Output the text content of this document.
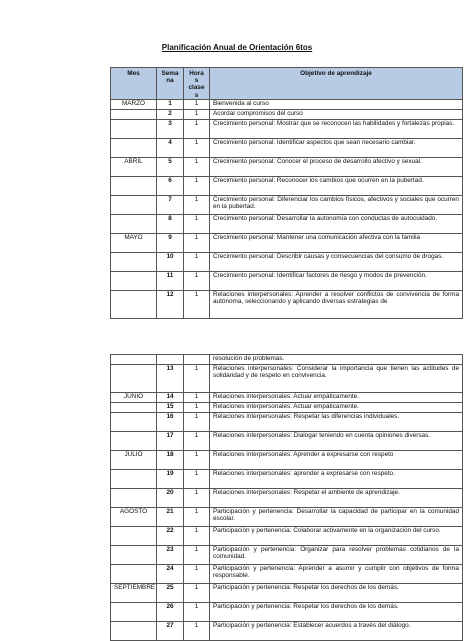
Planificación Anual de Orientación 6tos
Mes	Sema na	Hora s clase s	Objetivo de aprendizaje
MARZO	1	1	Bienvenida al curso
	2	1	Acordar compromisos del curso
	3	1	Crecimiento personal: Mostrar que se reconocen las habilidades y fortalezas propias.
	4	1	Crecimiento personal: Identificar aspectos que sean necesario cambiar.
ABRIL	5	1	Crecimiento personal: Conocer el proceso de desarrollo afectivo y sexual.
	6	1	Crecimiento personal: Reconocer los cambios que ocurren en la pubertad.
	7	1	Crecimiento personal: Diferenciar los cambios físicos, afectivos y sociales que ocurren en la pubertad.
	8	1	Crecimiento personal: Desarrollar la autonomía con conductas de autocuidado.
MAYO	9	1	Crecimiento personal: Mantener una comunicación afectiva con la familia
	10	1	Crecimiento personal: Describir causas y consecuencias del consumo de drogas.
	11	1	Crecimiento personal: Identificar factores de riesgo y modos de prevención.
	12	1	Relaciones interpersonales: Aprender a resolver conflictos de convivencia de forma autónoma, seleccionando y aplicando diversas estrategias de
			resolución de problemas.
	13	1	Relaciones interpersonales: Considerar la importancia que tienen las actitudes de solidaridad y de respeto en convivencia.
JUNIO	14	1	Relaciones interpersonales: Actuar empáticamente.
	15	1	Relaciones interpersonales: Actuar empáticamente.
	16	1	Relaciones interpersonales: Respetar las diferencias individuales.
	17	1	Relaciones interpersonales: Dialogar teniendo en cuenta opiniones diversas.
JULIO	18	1	Relaciones interpersonales: Aprender a expresarse con respeto
	19	1	Relaciones interpersonales: aprender a expresarse con respeto.
	20	1	Relaciones interpersonales: Respetar el ambiente de aprendizaje.
AGOSTO	21	1	Participación y pertenencia: Desarrollar la capacidad de participar en la comunidad escolar.
	22	1	Participación y pertenencia: Colaborar activamente en la organización del curso.
	23	1	Participación y pertenencia: Organizar para resolver problemas cotidianos de la comunidad.
	24	1	Participación y pertenencia: Aprender a asumir y cumplir con objetivos de forma responsable.
SEPTIEMBRE	25	1	Participación y pertenencia: Respetar los derechos de los demás.
	26	1	Participación y pertenencia: Respetar los derechos de los demás.
	27	1	Participación y pertenencia: Establecer acuerdos a través del diálogo.
